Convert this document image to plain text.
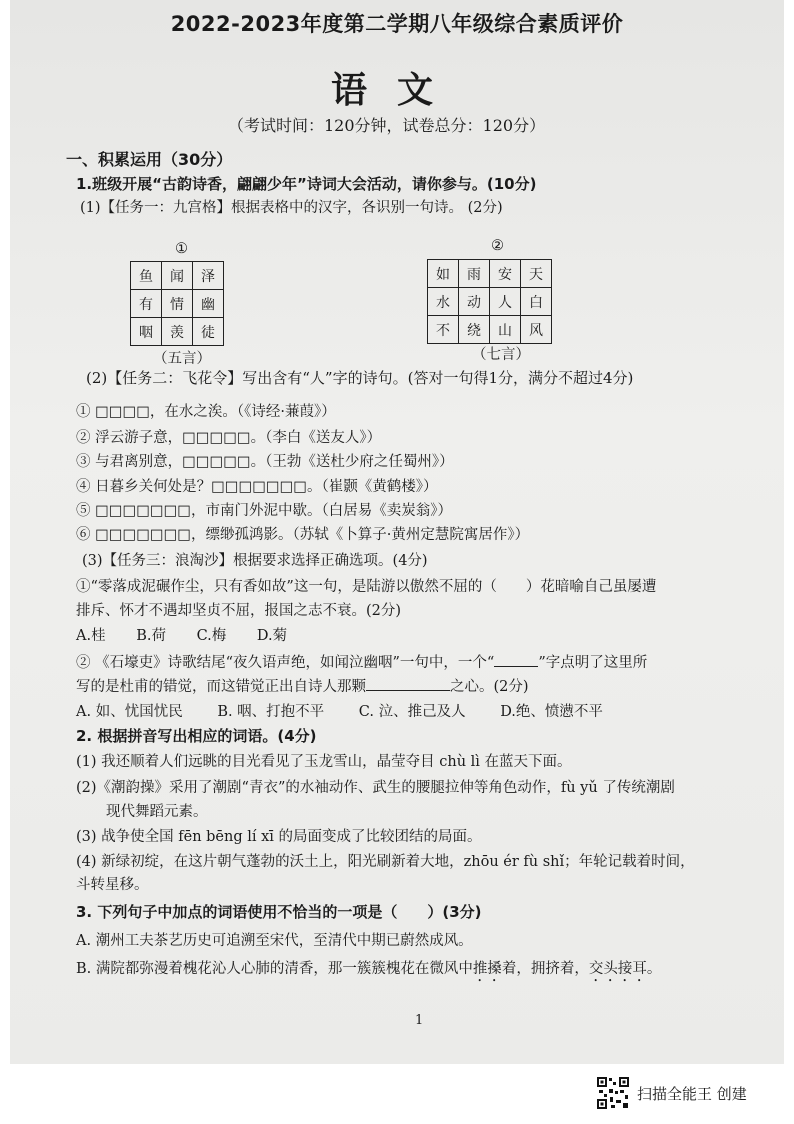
2022-2023年度第二学期八年级综合素质评价
语文
（考试时间：120分钟，试卷总分：120分）
一、积累运用（30分）
1.班级开展“古韵诗香，翩翩少年”诗词大会活动，请你参与。(10分)
(1)【任务一：九宫格】根据表格中的汉字，各识别一句诗。 (2分)
①
鱼	闻	泽
有	情	幽
咽	羡	徒
（五言）
②
如	雨	安	天
水	动	人	白
不	绕	山	风
（七言）
(2)【任务二：飞花令】写出含有“人”字的诗句。(答对一句得1分，满分不超过4分)
① □□□□，在水之涘。（《诗经·蒹葭》）
② 浮云游子意，□□□□□。（李白《送友人》）
③ 与君离别意，□□□□□。（王勃《送杜少府之任蜀州》）
④ 日暮乡关何处是？□□□□□□□。（崔颢《黄鹤楼》）
⑤ □□□□□□□，市南门外泥中歇。（白居易《卖炭翁》）
⑥ □□□□□□□，缥缈孤鸿影。（苏轼《卜算子·黄州定慧院寓居作》）
(3)【任务三：浪淘沙】根据要求选择正确选项。(4分)
①“零落成泥碾作尘，只有香如故”这一句，是陆游以傲然不屈的（　　）花暗喻自己虽屡遭
排斥、怀才不遇却坚贞不屈，报国之志不衰。(2分)
A.桂 B.荷 C.梅 D.菊
② 《石壕吏》诗歌结尾“夜久语声绝，如闻泣幽咽”一句中，一个“	”字点明了这里所
写的是杜甫的错觉，而这错觉正出自诗人那颗	之心。(2分)
A. 如、忧国忧民 B. 咽、打抱不平 C. 泣、推己及人 D.绝、愤懑不平
2. 根据拼音写出相应的词语。(4分)
(1) 我还顺着人们远眺的目光看见了玉龙雪山，晶莹夺目 chù lì 在蓝天下面。
(2)《潮韵操》采用了潮剧“青衣”的水袖动作、武生的腰腿拉伸等角色动作，fù yǔ 了传统潮剧
现代舞蹈元素。
(3) 战争使全国 fēn bēng lí xī 的局面变成了比较团结的局面。
(4) 新绿初绽，在这片朝气蓬勃的沃土上，阳光刷新着大地，zhōu ér fù shǐ；年轮记载着时间，
斗转星移。
3. 下列句子中加点的词语使用不恰当的一项是（　　）(3分)
A. 潮州工夫茶艺历史可追溯至宋代，至清代中期已蔚然成风。
B. 满院都弥漫着槐花沁人心肺的清香，那一簇簇槐花在微风中推搡着，拥挤着，交头接耳。
1
扫描全能王 创建
